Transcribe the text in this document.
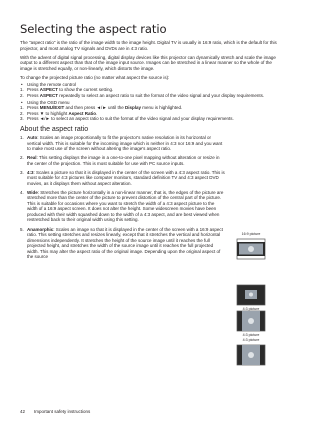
Selecting the aspect ratio

The "aspect ratio" is the ratio of the image width to the image height. Digital TV is usually in 16:9 ratio, which is the default for this projector, and most analog TV signals and DVDs are in 4:3 ratio.

With the advent of digital signal processing, digital display devices like this projector can dynamically stretch and scale the image output to a different aspect than that of the image input source. Images can be stretched in a linear manner so the whole of the image is stretched equally, or non-linearly, which distorts the image.

To change the projected picture ratio (no matter what aspect the source is):

• Using the remote control
1. Press ASPECT to show the current setting.
2. Press ASPECT repeatedly to select an aspect ratio to suit the format of the video signal and your display requirements.
• Using the OSD menu
1. Press MENU/EXIT and then press ◄/► until the Display menu is highlighted.
2. Press ▼ to highlight Aspect Ratio.
3. Press ◄/► to select an aspect ratio to suit the format of the video signal and your display requirements.
About the aspect ratio
1. Auto: Scales an image proportionally to fit the projector's native resolution in its horizontal or vertical width. This is suitable for the incoming image which is neither in 4:3 nor 16:9 and you want to make most use of the screen without altering the image's aspect ratio.
2. Real: This setting displays the image in a one-to-one pixel mapping without alteration or resize in the center of the projection. This is most suitable for use with PC source inputs.
3. 4:3: Scales a picture so that it is displayed in the center of the screen with a 4:3 aspect ratio. This is most suitable for 4:3 pictures like computer monitors, standard definition TV and 4:3 aspect DVD movies, as it displays them without aspect alteration.
4. Wide: Stretches the picture horizontally in a non-linear manner, that is, the edges of the picture are stretched more than the center of the picture to prevent distortion of the central part of the picture. This is suitable for occasions where you want to stretch the width of a 4:3 aspect picture to the width of a 16:9 aspect screen. It does not alter the height. Some widescreen movies have been produced with their width squashed down to the width of a 4:3 aspect, and are best viewed when restretched back to their original width using this setting.
5. Anamorphic: Scales an image so that it is displayed in the center of the screen with a 16:9 aspect ratio. This setting stretches and resizes linearly, except that it stretches the vertical and horizontal dimensions independently. It stretches the height of the source image until it reaches the full projected height, and stretches the width of the source image until it reaches the full projected width. This may alter the aspect ratio of the original image. Depending upon the original aspect of the source
16:9 picture
4:3 picture
4:3 picture
4:3 picture
42 Important safety instructions
